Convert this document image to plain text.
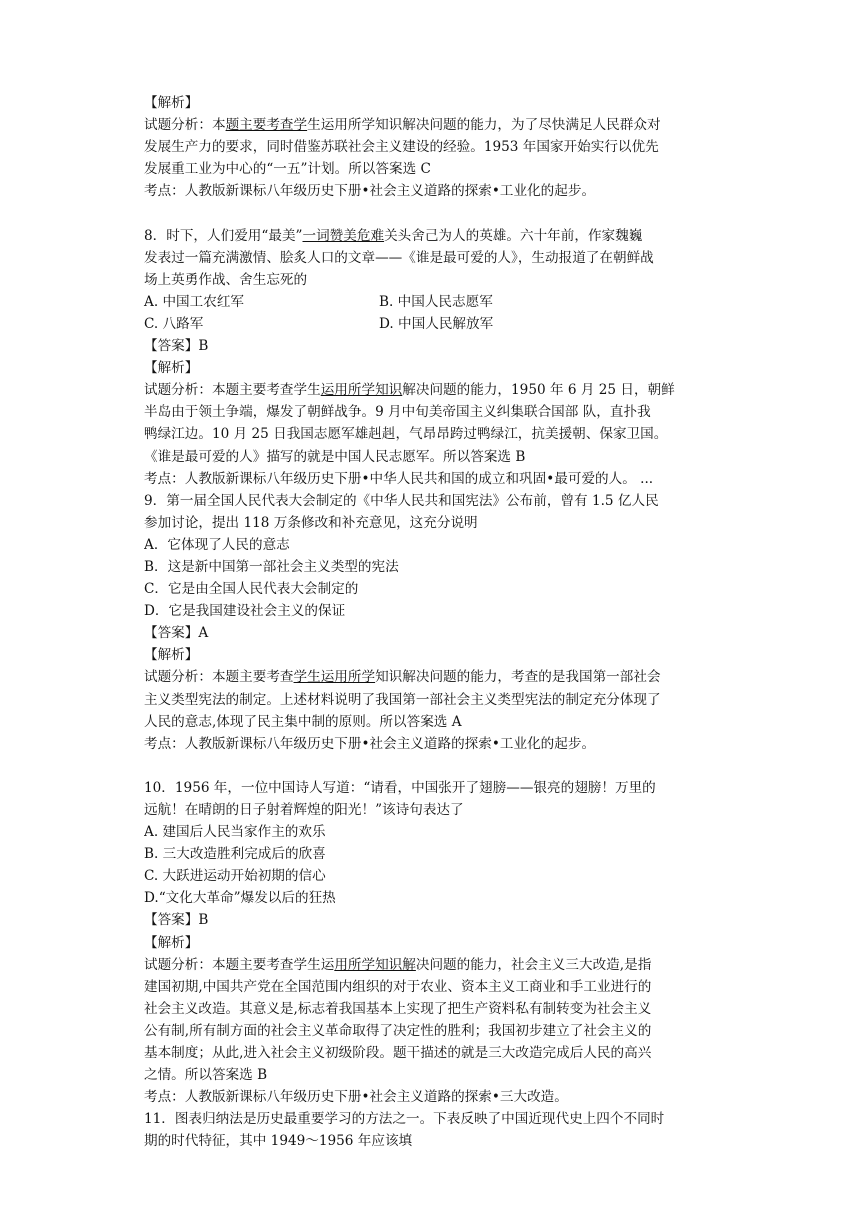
【解析】
试题分析：本题主要考查学生运用所学知识解决问题的能力，为了尽快满足人民群众对
发展生产力的要求，同时借鉴苏联社会主义建设的经验。1953 年国家开始实行以优先
发展重工业为中心的“一五”计划。所以答案选 C
考点：人教版新课标八年级历史下册•社会主义道路的探索•工业化的起步。
8．时下，人们爱用“最美”一词赞美危难关头舍己为人的英雄。六十年前，作家魏巍
发表过一篇充满激情、脍炙人口的文章——《谁是最可爱的人》，生动报道了在朝鲜战
场上英勇作战、舍生忘死的
A. 中国工农红军	B. 中国人民志愿军
C. 八路军	D. 中国人民解放军
【答案】B
【解析】
试题分析：本题主要考查学生运用所学知识解决问题的能力，1950 年 6 月 25 日，朝鲜
半岛由于领土争端，爆发了朝鲜战争。9 月中旬美帝国主义纠集联合国部 队，直扑我
鸭绿江边。10 月 25 日我国志愿军雄赳赳，气昂昂跨过鸭绿江，抗美援朝、保家卫国。
《谁是最可爱的人》描写的就是中国人民志愿军。所以答案选 B
考点：人教版新课标八年级历史下册•中华人民共和国的成立和巩固•最可爱的人。 ...
9．第一届全国人民代表大会制定的《中华人民共和国宪法》公布前，曾有 1.5 亿人民
参加讨论，提出 118 万条修改和补充意见，这充分说明
A．它体现了人民的意志
B．这是新中国第一部社会主义类型的宪法
C．它是由全国人民代表大会制定的
D．它是我国建设社会主义的保证
【答案】A
【解析】
试题分析：本题主要考查学生运用所学知识解决问题的能力，考查的是我国第一部社会
主义类型宪法的制定。上述材料说明了我国第一部社会主义类型宪法的制定充分体现了
人民的意志,体现了民主集中制的原则。所以答案选 A
考点：人教版新课标八年级历史下册•社会主义道路的探索•工业化的起步。
10．1956 年，一位中国诗人写道：“请看，中国张开了翅膀——银亮的翅膀！万里的
远航！在晴朗的日子射着辉煌的阳光！”该诗句表达了
A. 建国后人民当家作主的欢乐
B. 三大改造胜利完成后的欣喜
C. 大跃进运动开始初期的信心
D.“文化大革命”爆发以后的狂热
【答案】B
【解析】
试题分析：本题主要考查学生运用所学知识解决问题的能力，社会主义三大改造,是指
建国初期,中国共产党在全国范围内组织的对于农业、资本主义工商业和手工业进行的
社会主义改造。其意义是,标志着我国基本上实现了把生产资料私有制转变为社会主义
公有制,所有制方面的社会主义革命取得了决定性的胜利；我国初步建立了社会主义的
基本制度；从此,进入社会主义初级阶段。题干描述的就是三大改造完成后人民的高兴
之情。所以答案选 B
考点：人教版新课标八年级历史下册•社会主义道路的探索•三大改造。
11．图表归纳法是历史最重要学习的方法之一。下表反映了中国近现代史上四个不同时
期的时代特征，其中 1949～1956 年应该填
